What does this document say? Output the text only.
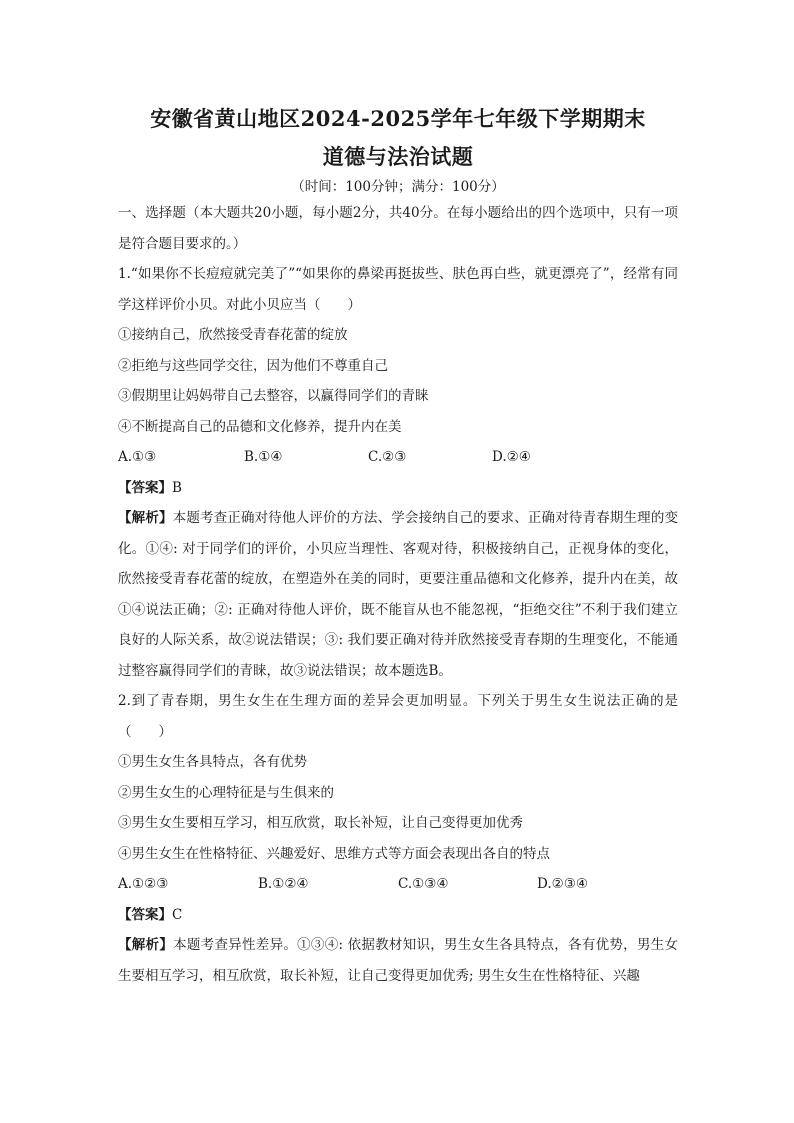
安徽省黄山地区2024-2025学年七年级下学期期末
道德与法治试题
（时间：100分钟；满分：100分）

一、选择题（本大题共20小题，每小题2分，共40分。在每小题给出的四个选项中，只有一项是符合题目要求的。）

1.“如果你不长痘痘就完美了”“如果你的鼻梁再挺拔些、肤色再白些，就更漂亮了”，经常有同学这样评价小贝。对此小贝应当（　　）

①接纳自己，欣然接受青春花蕾的绽放

②拒绝与这些同学交往，因为他们不尊重自己

③假期里让妈妈带自己去整容，以赢得同学们的青睐

④不断提高自己的品德和文化修养，提升内在美

A.①③	B.①④	C.②③	D.②④

【答案】B

【解析】本题考查正确对待他人评价的方法、学会接纳自己的要求、正确对待青春期生理的变化。①④: 对于同学们的评价，小贝应当理性、客观对待，积极接纳自己，正视身体的变化，欣然接受青春花蕾的绽放，在塑造外在美的同时，更要注重品德和文化修养，提升内在美，故①④说法正确；②: 正确对待他人评价，既不能盲从也不能忽视，“拒绝交往”不利于我们建立良好的人际关系，故②说法错误；③: 我们要正确对待并欣然接受青春期的生理变化，不能通过整容赢得同学们的青睐，故③说法错误；故本题选B。

2.到了青春期，男生女生在生理方面的差异会更加明显。下列关于男生女生说法正确的是（　　）

①男生女生各具特点，各有优势

②男生女生的心理特征是与生俱来的

③男生女生要相互学习，相互欣赏，取长补短，让自己变得更加优秀

④男生女生在性格特征、兴趣爱好、思维方式等方面会表现出各自的特点

A.①②③	B.①②④	C.①③④	D.②③④

【答案】C

【解析】本题考查异性差异。①③④: 依据教材知识，男生女生各具特点，各有优势，男生女生要相互学习，相互欣赏，取长补短，让自己变得更加优秀; 男生女生在性格特征、兴趣
